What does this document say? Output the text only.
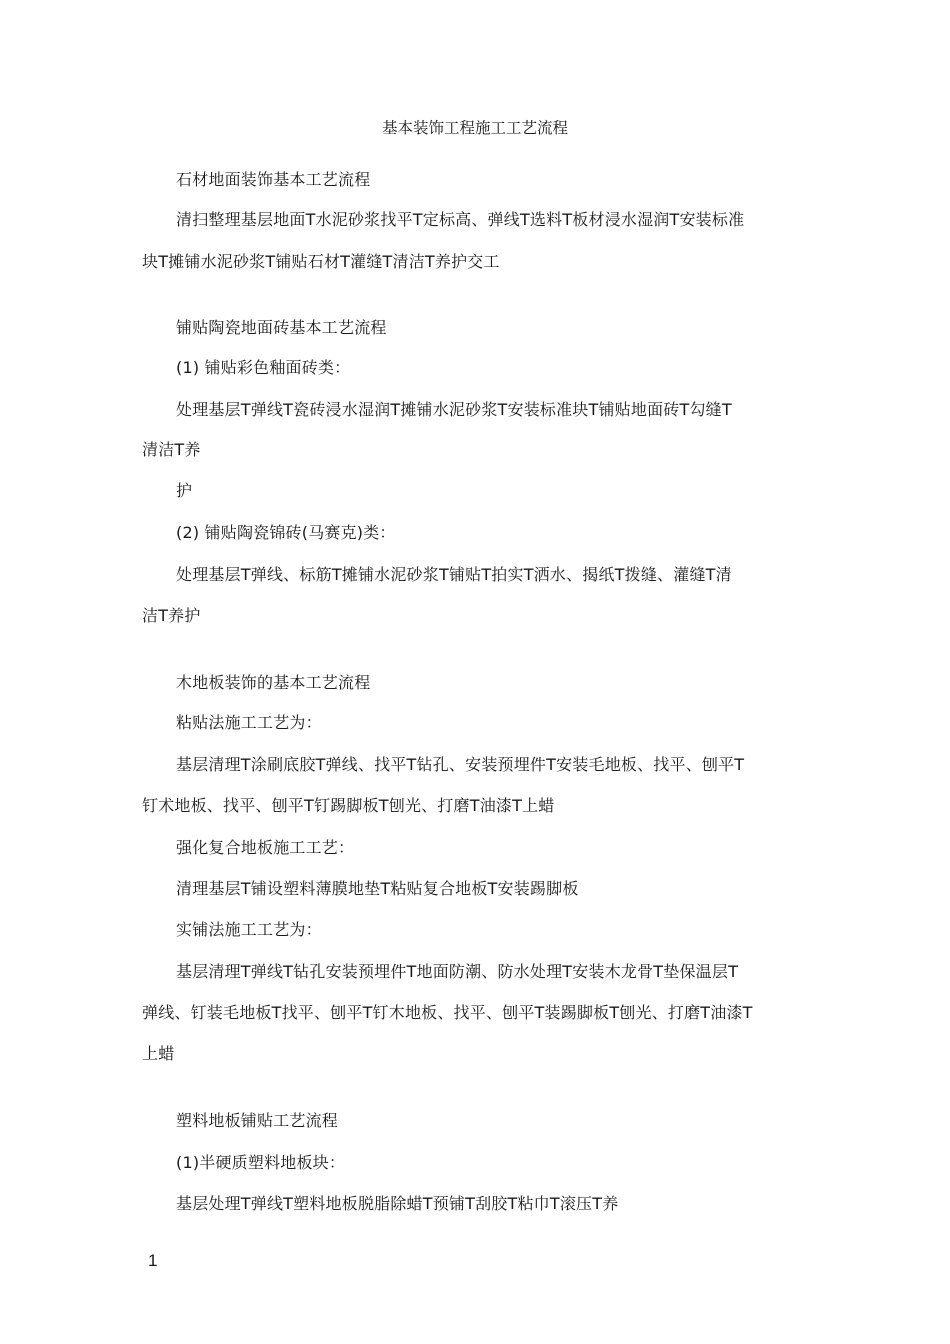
基本装饰工程施工工艺流程
石材地面装饰基本工艺流程
清扫整理基层地面T水泥砂浆找平T定标高、弹线T选料T板材浸水湿润T安装标准
块T摊铺水泥砂浆T铺贴石材T灌缝T清洁T养护交工
铺贴陶瓷地面砖基本工艺流程
(1) 铺贴彩色釉面砖类：
处理基层T弹线T瓷砖浸水湿润T摊铺水泥砂浆T安装标准块T铺贴地面砖T勾缝T
清洁T养
护
(2) 铺贴陶瓷锦砖(马赛克)类：
处理基层T弹线、标筋T摊铺水泥砂浆T铺贴T拍实T洒水、揭纸T拨缝、灌缝T清
洁T养护
木地板装饰的基本工艺流程
粘贴法施工工艺为：
基层清理T涂刷底胶T弹线、找平T钻孔、安装预埋件T安装毛地板、找平、刨平T
钉术地板、找平、刨平T钉踢脚板T刨光、打磨T油漆T上蜡
强化复合地板施工工艺：
清理基层T铺设塑料薄膜地垫T粘贴复合地板T安装踢脚板
实铺法施工工艺为：
基层清理T弹线T钻孔安装预埋件T地面防潮、防水处理T安装木龙骨T垫保温层T
弹线、钉装毛地板T找平、刨平T钉木地板、找平、刨平T装踢脚板T刨光、打磨T油漆T
上蜡
塑料地板铺贴工艺流程
(1)半硬质塑料地板块：
基层处理T弹线T塑料地板脱脂除蜡T预铺T刮胶T粘巾T滚压T养
1
